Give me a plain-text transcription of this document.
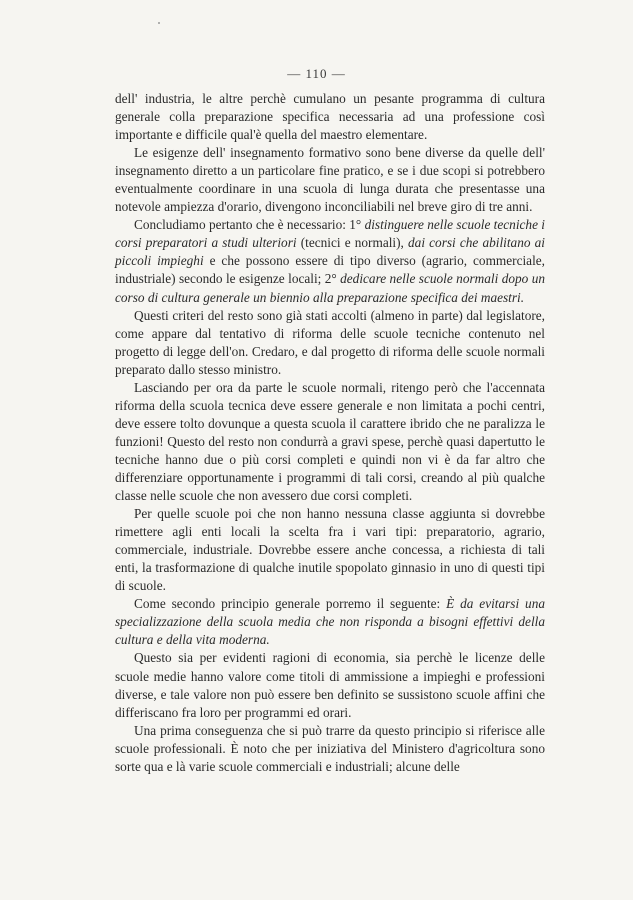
— 110 —

dell' industria, le altre perchè cumulano un pesante programma di cultura generale colla preparazione specifica necessaria ad una professione così importante e difficile qual'è quella del maestro elementare.

Le esigenze dell' insegnamento formativo sono bene diverse da quelle dell' insegnamento diretto a un particolare fine pratico, e se i due scopi si potrebbero eventualmente coordinare in una scuola di lunga durata che presentasse una notevole ampiezza d'orario, divengono inconciliabili nel breve giro di tre anni.

Concludiamo pertanto che è necessario: 1° distinguere nelle scuole tecniche i corsi preparatori a studi ulteriori (tecnici e normali), dai corsi che abilitano ai piccoli impieghi e che possono essere di tipo diverso (agrario, commerciale, industriale) secondo le esigenze locali; 2° dedicare nelle scuole normali dopo un corso di cultura generale un biennio alla preparazione specifica dei maestri.

Questi criteri del resto sono già stati accolti (almeno in parte) dal legislatore, come appare dal tentativo di riforma delle scuole tecniche contenuto nel progetto di legge dell'on. Credaro, e dal progetto di riforma delle scuole normali preparato dallo stesso ministro.

Lasciando per ora da parte le scuole normali, ritengo però che l'accennata riforma della scuola tecnica deve essere generale e non limitata a pochi centri, deve essere tolto dovunque a questa scuola il carattere ibrido che ne paralizza le funzioni! Questo del resto non condurrà a gravi spese, perchè quasi dapertutto le tecniche hanno due o più corsi completi e quindi non vi è da far altro che differenziare opportunamente i programmi di tali corsi, creando al più qualche classe nelle scuole che non avessero due corsi completi.

Per quelle scuole poi che non hanno nessuna classe aggiunta si dovrebbe rimettere agli enti locali la scelta fra i vari tipi: preparatorio, agrario, commerciale, industriale. Dovrebbe essere anche concessa, a richiesta di tali enti, la trasformazione di qualche inutile spopolato ginnasio in uno di questi tipi di scuole.

Come secondo principio generale porremo il seguente: È da evitarsi una specializzazione della scuola media che non risponda a bisogni effettivi della cultura e della vita moderna.

Questo sia per evidenti ragioni di economia, sia perchè le licenze delle scuole medie hanno valore come titoli di ammissione a impieghi e professioni diverse, e tale valore non può essere ben definito se sussistono scuole affini che differiscano fra loro per programmi ed orari.

Una prima conseguenza che si può trarre da questo principio si riferisce alle scuole professionali. È noto che per iniziativa del Ministero d'agricoltura sono sorte qua e là varie scuole commerciali e industriali; alcune delle
